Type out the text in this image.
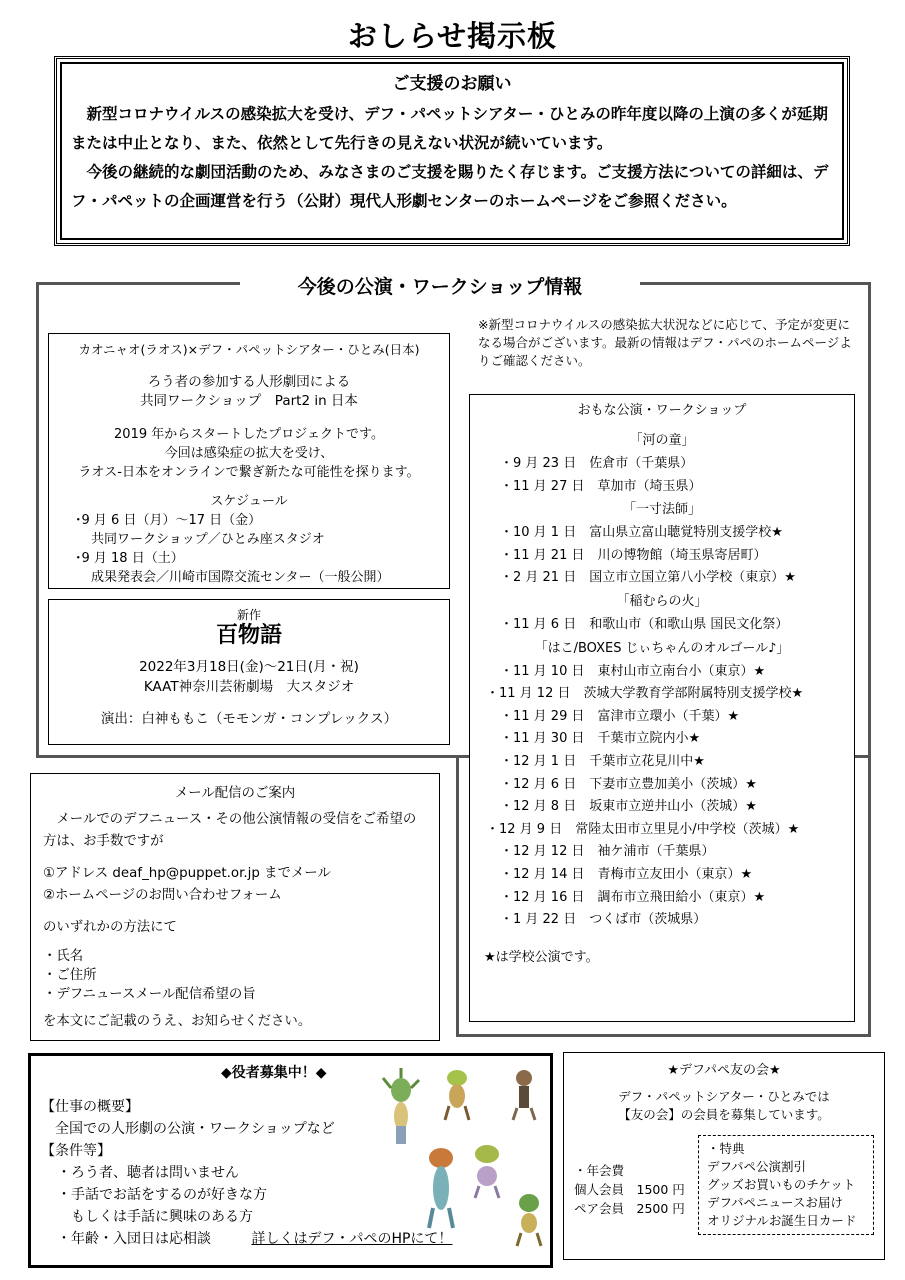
おしらせ掲示板
ご支援のお願い

　新型コロナウイルスの感染拡大を受け、デフ・パペットシアター・ひとみの昨年度以降の上演の多くが延期または中止となり、また、依然として先行きの見えない状況が続いています。

　今後の継続的な劇団活動のため、みなさまのご支援を賜りたく存じます。ご支援方法についての詳細は、デフ・パペットの企画運営を行う（公財）現代人形劇センターのホームページをご参照ください。

今後の公演・ワークショップ情報
カオニャオ(ラオス)×デフ・パペットシアター・ひとみ(日本)
ろう者の参加する人形劇団による
共同ワークショップ　Part2 in 日本
2019 年からスタートしたプロジェクトです。
今回は感染症の拡大を受け、
ラオス-日本をオンラインで繋ぎ新たな可能性を探ります。
スケジュール
･9 月 6 日（月）～17 日（金）
共同ワークショップ／ひとみ座スタジオ
･9 月 18 日（土）
成果発表会／川崎市国際交流センター（一般公開）
新作
百物語
2022年3月18日(金)～21日(月・祝)
KAAT神奈川芸術劇場　大スタジオ
演出：白神ももこ（モモンガ・コンプレックス）
※新型コロナウイルスの感染拡大状況などに応じて、予定が変更になる場合がございます。最新の情報はデフ・パペのホームページよりご確認ください。
おもな公演・ワークショップ
「河の童」
・9 月 23 日　佐倉市（千葉県）
・11 月 27 日　草加市（埼玉県）
「一寸法師」
・10 月 1 日　富山県立富山聴覚特別支援学校★
・11 月 21 日　川の博物館（埼玉県寄居町）
・2 月 21 日　国立市立国立第八小学校（東京）★
「稲むらの火」
・11 月 6 日　和歌山市（和歌山県 国民文化祭）
「はこ/BOXES じぃちゃんのオルゴール♪」
・11 月 10 日　東村山市立南台小（東京）★
・11 月 12 日　茨城大学教育学部附属特別支援学校★
・11 月 29 日　富津市立環小（千葉）★
・11 月 30 日　千葉市立院内小★
・12 月 1 日　千葉市立花見川中★
・12 月 6 日　下妻市立豊加美小（茨城）★
・12 月 8 日　坂東市立逆井山小（茨城）★
・12 月 9 日　常陸太田市立里見小/中学校（茨城）★
・12 月 12 日　袖ケ浦市（千葉県）
・12 月 14 日　青梅市立友田小（東京）★
・12 月 16 日　調布市立飛田給小（東京）★
・1 月 22 日　つくば市（茨城県）
★は学校公演です。
メール配信のご案内
　メールでのデフニュース・その他公演情報の受信をご希望の方は、お手数ですが
①アドレス deaf_hp@puppet.or.jp までメール
②ホームページのお問い合わせフォーム
のいずれかの方法にて
・氏名
・ご住所
・デフニュースメール配信希望の旨
を本文にご記載のうえ、お知らせください。
◆役者募集中！◆
【仕事の概要】
　全国での人形劇の公演・ワークショップなど
【条件等】
・ろう者、聴者は問いません
・手話でお話をするのが好きな方
　もしくは手話に興味のある方
・年齢・入団日は応相談	詳しくはデフ・パペのHPにて！
★デフパペ友の会★
デフ・パペットシアター・ひとみでは
【友の会】の会員を募集しています。
・年会費
個人会員　1500 円
ペア会員　2500 円
・特典
デフパペ公演割引
グッズお買いものチケット
デフパペニュースお届け
オリジナルお誕生日カード
